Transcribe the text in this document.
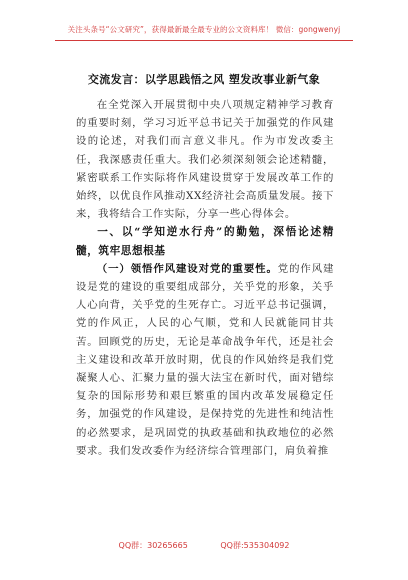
关注头条号“公文研究”，获得最新最全最专业的公文资料库！ 微信：gongwenyj
交流发言：以学思践悟之风 塑发改事业新气象

在全党深入开展贯彻中央八项规定精神学习教育的重要时刻，学习习近平总书记关于加强党的作风建设的论述，对我们而言意义非凡。作为市发改委主任，我深感责任重大。我们必须深刻领会论述精髓，紧密联系工作实际将作风建设贯穿于发展改革工作的始终，以优良作风推动XX经济社会高质量发展。接下来，我将结合工作实际，分享一些心得体会。

一、以“学知逆水行舟”的勤勉，深悟论述精髓，筑牢思想根基

（一）领悟作风建设对党的重要性。党的作风建设是党的建设的重要组成部分，关乎党的形象，关乎人心向背，关乎党的生死存亡。习近平总书记强调，党的作风正，人民的心气顺，党和人民就能同甘共苦。回顾党的历史，无论是革命战争年代，还是社会主义建设和改革开放时期，优良的作风始终是我们党凝聚人心、汇聚力量的强大法宝在新时代，面对错综复杂的国际形势和艰巨繁重的国内改革发展稳定任务，加强党的作风建设，是保持党的先进性和纯洁性的必然要求，是巩固党的执政基础和执政地位的必然要求。我们发改委作为经济综合管理部门，肩负着推

QQ群：30265665	QQ群:535304092
